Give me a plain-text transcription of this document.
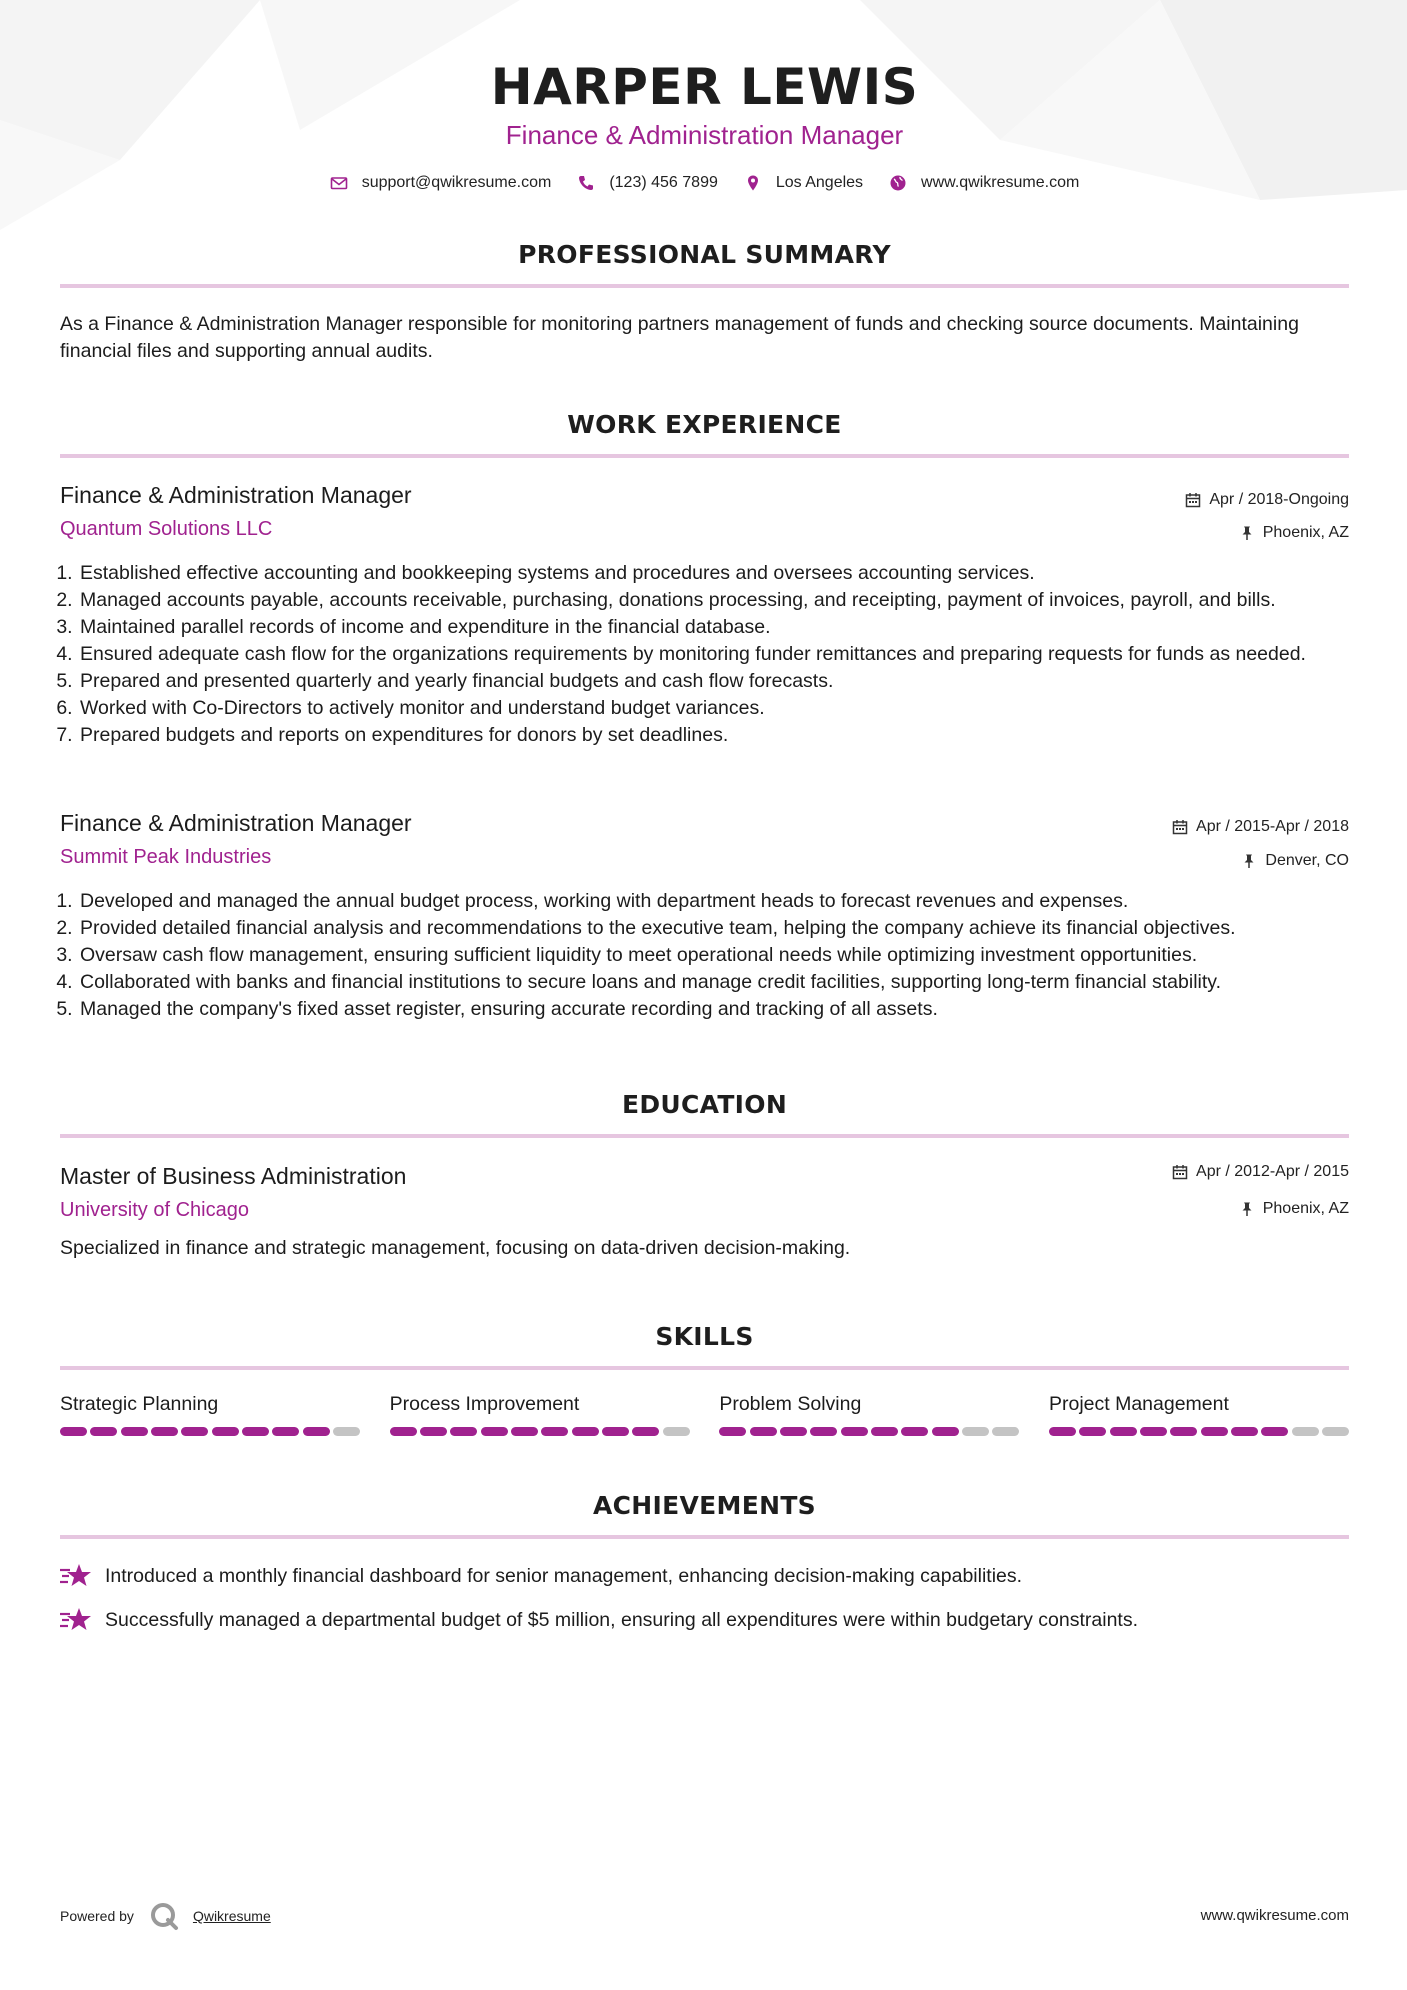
HARPER LEWIS
Finance & Administration Manager
support@qwikresume.com	(123) 456 7899	Los Angeles	www.qwikresume.com
PROFESSIONAL SUMMARY
As a Finance & Administration Manager responsible for monitoring partners management of funds and checking source documents. Maintaining financial files and supporting annual audits.
WORK EXPERIENCE
Finance & Administration Manager
Quantum Solutions LLC
Apr / 2018-Ongoing
Phoenix, AZ
1. Established effective accounting and bookkeeping systems and procedures and oversees accounting services.
2. Managed accounts payable, accounts receivable, purchasing, donations processing, and receipting, payment of invoices, payroll, and bills.
3. Maintained parallel records of income and expenditure in the financial database.
4. Ensured adequate cash flow for the organizations requirements by monitoring funder remittances and preparing requests for funds as needed.
5. Prepared and presented quarterly and yearly financial budgets and cash flow forecasts.
6. Worked with Co-Directors to actively monitor and understand budget variances.
7. Prepared budgets and reports on expenditures for donors by set deadlines.
Finance & Administration Manager
Summit Peak Industries
Apr / 2015-Apr / 2018
Denver, CO
1. Developed and managed the annual budget process, working with department heads to forecast revenues and expenses.
2. Provided detailed financial analysis and recommendations to the executive team, helping the company achieve its financial objectives.
3. Oversaw cash flow management, ensuring sufficient liquidity to meet operational needs while optimizing investment opportunities.
4. Collaborated with banks and financial institutions to secure loans and manage credit facilities, supporting long-term financial stability.
5. Managed the company's fixed asset register, ensuring accurate recording and tracking of all assets.
EDUCATION
Master of Business Administration
University of Chicago
Apr / 2012-Apr / 2015
Phoenix, AZ
Specialized in finance and strategic management, focusing on data-driven decision-making.
SKILLS
Strategic Planning	Process Improvement	Problem Solving	Project Management
ACHIEVEMENTS
Introduced a monthly financial dashboard for senior management, enhancing decision-making capabilities.
Successfully managed a departmental budget of $5 million, ensuring all expenditures were within budgetary constraints.
Powered by	Qwikresume	www.qwikresume.com
